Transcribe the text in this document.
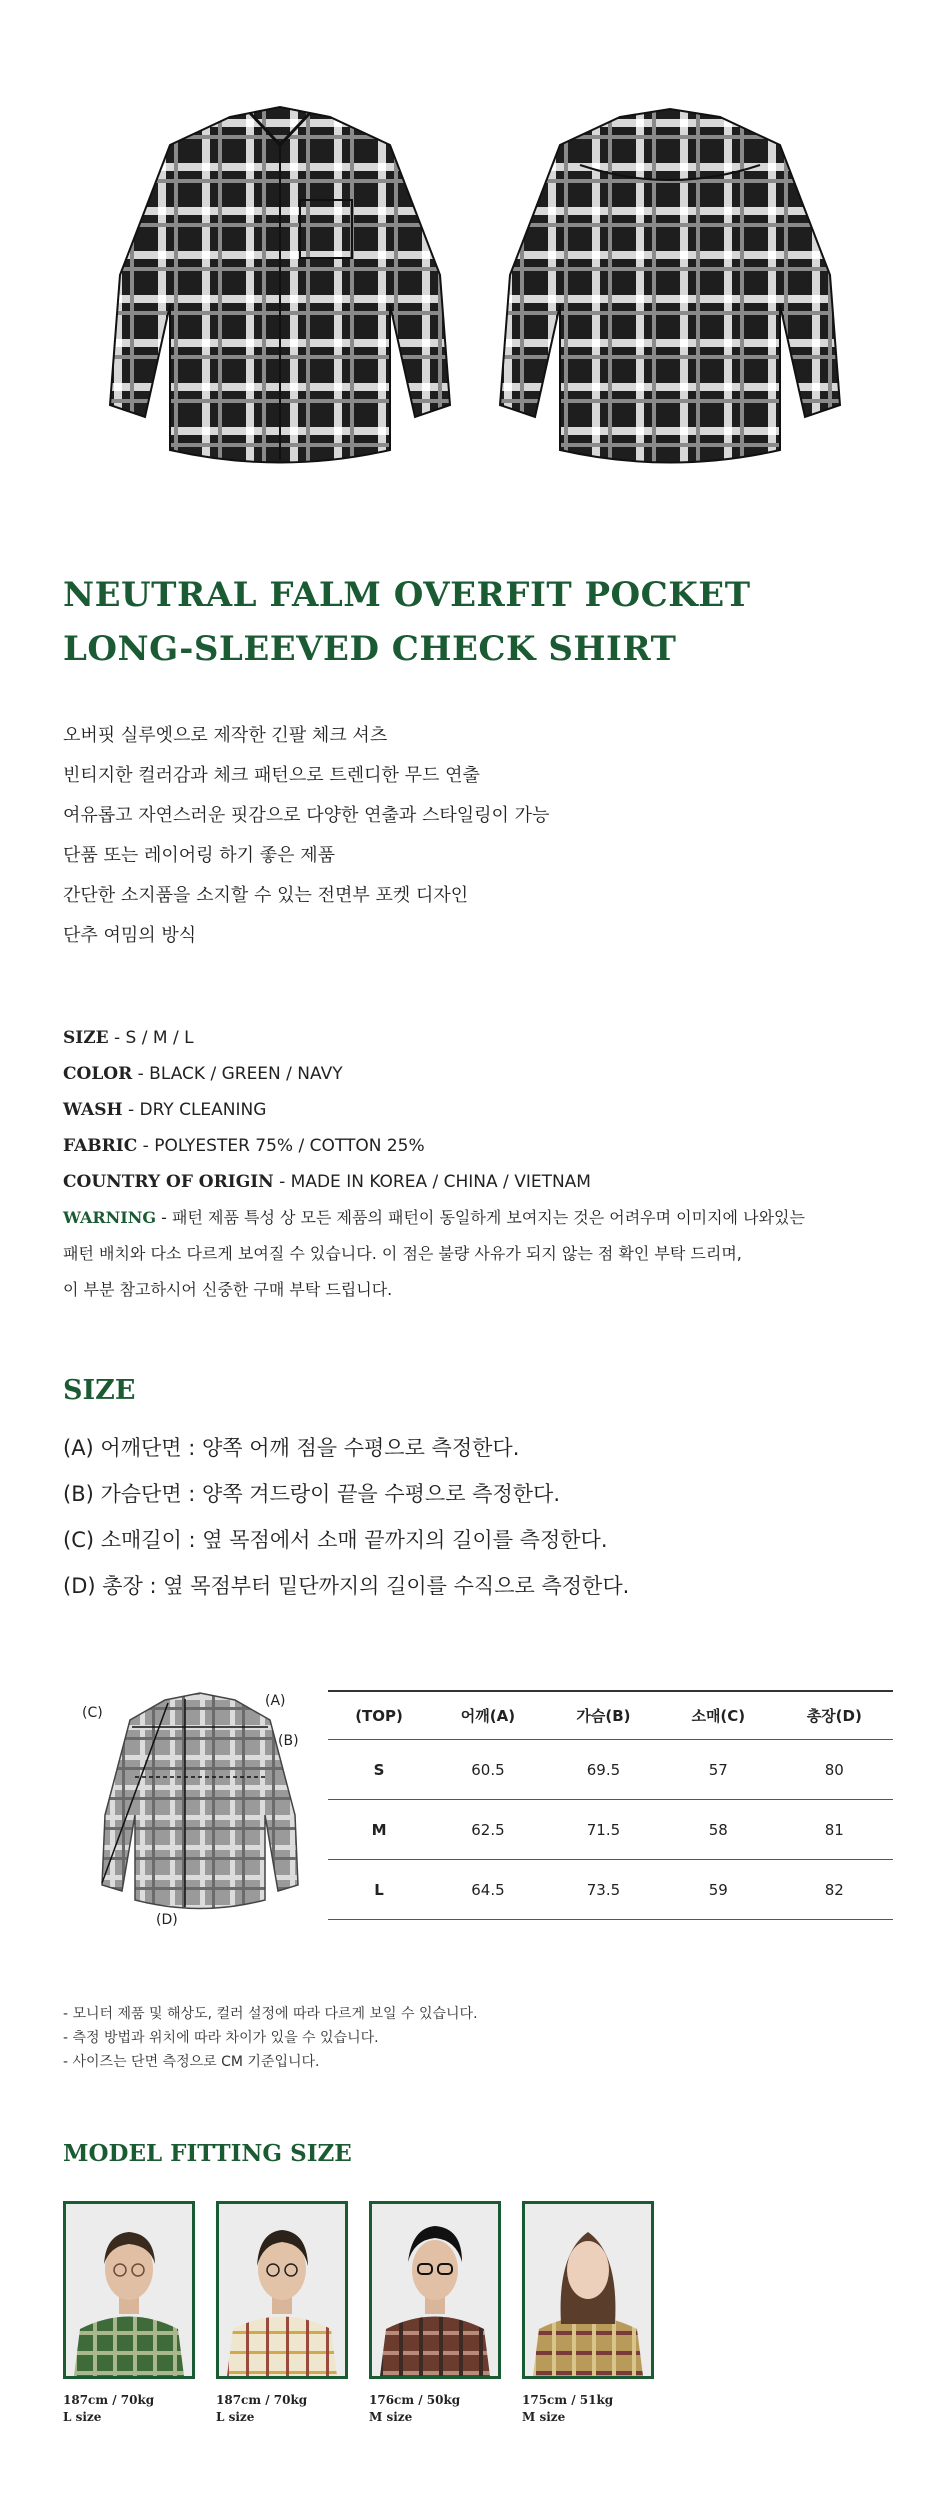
NEUTRAL FALM OVERFIT POCKET
LONG-SLEEVED CHECK SHIRT

오버핏 실루엣으로 제작한 긴팔 체크 셔츠

빈티지한 컬러감과 체크 패턴으로 트렌디한 무드 연출

여유롭고 자연스러운 핏감으로 다양한 연출과 스타일링이 가능

단품 또는 레이어링 하기 좋은 제품

간단한 소지품을 소지할 수 있는 전면부 포켓 디자인

단추 여밈의 방식

SIZE - S / M / L
COLOR - BLACK / GREEN / NAVY
WASH - DRY CLEANING
FABRIC - POLYESTER 75% / COTTON 25%
COUNTRY OF ORIGIN - MADE IN KOREA / CHINA / VIETNAM
WARNING - 패턴 제품 특성 상 모든 제품의 패턴이 동일하게 보여지는 것은 어려우며 이미지에 나와있는
패턴 배치와 다소 다르게 보여질 수 있습니다. 이 점은 불량 사유가 되지 않는 점 확인 부탁 드리며,
이 부분 참고하시어 신중한 구매 부탁 드립니다.
SIZE

(A) 어깨단면 : 양쪽 어깨 점을 수평으로 측정한다.

(B) 가슴단면 : 양쪽 겨드랑이 끝을 수평으로 측정한다.

(C) 소매길이 : 옆 목점에서 소매 끝까지의 길이를 측정한다.

(D) 총장 : 옆 목점부터 밑단까지의 길이를 수직으로 측정한다.

(A)
(B)
(C)
(D)
(TOP)	어깨(A)	가슴(B)	소매(C)	총장(D)
S	60.5	69.5	57	80
M	62.5	71.5	58	81
L	64.5	73.5	59	82

- 모니터 제품 및 해상도, 컬러 설정에 따라 다르게 보일 수 있습니다.

- 측정 방법과 위치에 따라 차이가 있을 수 있습니다.

- 사이즈는 단면 측정으로 CM 기준입니다.

MODEL FITTING SIZE
187cm / 70kg
L size
187cm / 70kg
L size
176cm / 50kg
M size
175cm / 51kg
M size
